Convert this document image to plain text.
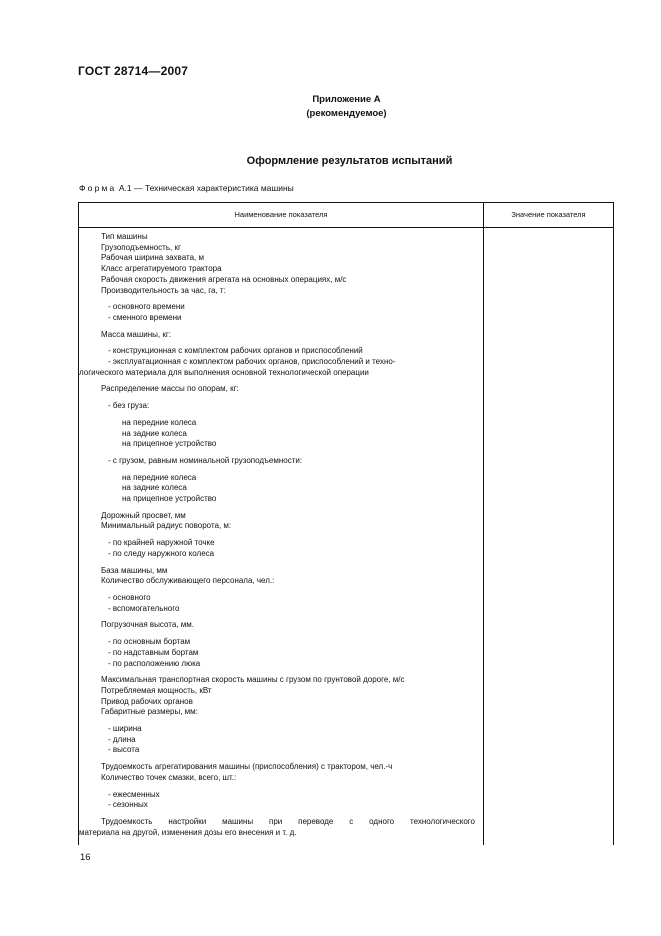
ГОСТ 28714—2007
Приложение А
(рекомендуемое)
Оформление результатов испытаний
Форма А.1 — Техническая характеристика машины
Наименование показателя	Значение показателя
Тип машины
Грузоподъемность, кг
Рабочая ширина захвата, м
Класс агрегатируемого трактора
Рабочая скорость движения агрегата на основных операциях, м/с
Производительность за час, га, т:
- основного времени
- сменного времени
Масса машины, кг:
- конструкционная с комплектом рабочих органов и приспособлений
- эксплуатационная с комплектом рабочих органов, приспособлений и техно-
логического материала для выполнения основной технологической операции
Распределение массы по опорам, кг:
- без груза:
на передние колеса
на задние колеса
на прицепное устройство
- с грузом, равным номинальной грузоподъемности:
на передние колеса
на задние колеса
на прицепное устройство
Дорожный просвет, мм
Минимальный радиус поворота, м:
- по крайней наружной точке
- по следу наружного колеса
База машины, мм
Количество обслуживающего персонала, чел.:
- основного
- вспомогательного
Погрузочная высота, мм.
- по основным бортам
- по надставным бортам
- по расположению люка
Максимальная транспортная скорость машины с грузом по грунтовой дороге, м/с
Потребляемая мощность, кВт
Привод рабочих органов
Габаритные размеры, мм:
- ширина
- длина
- высота
Трудоемкость агрегатирования машины (приспособления) с трактором, чел.-ч
Количество точек смазки, всего, шт.:
- ежесменных
- сезонных
Трудоемкость настройки машины при переводе с одного технологического
материала на другой, изменения дозы его внесения и т. д.
16
